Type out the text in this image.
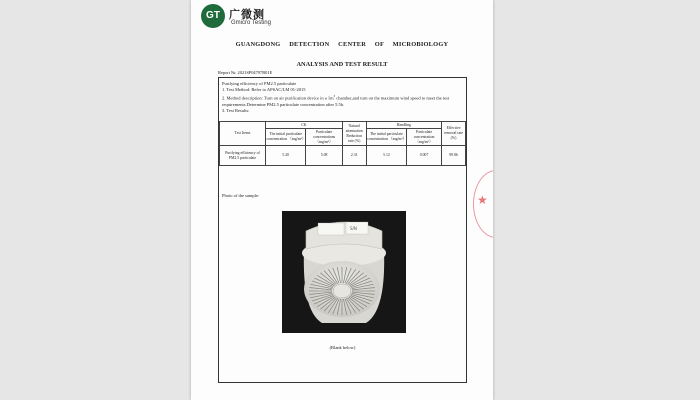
GT 广微测
Gmicro Testing
GUANGDONG DETECTION CENTER OF MICROBIOLOGY
ANALYSIS AND TEST RESULT
Report №: 2021SP04797R01E
Purifying efficiency of PM2.5 particulate
1. Test Method: Refer to APSAC/LM 01-2015
2. Method description: Turn on air purification device in a $1m^3$ chamber,and turn on the maximum wind speed to meet the test requirements.Determine PM2.5 particulate concentration after 5.5h.
3. Test Results:
Test Items	CK		Natural attenuation Reduction rate (%)	Handling		Effective removal rate (%)
	The initial particulate concentration （mg/m³）	Particulate concentrations （mg/m³）		The initial particulate concentration （mg/m³）	Particulate concentration （mg/m³）	
Purifying efficiency of PM2.5 particulate	5.20	5.08	2.31	5.12	0.007	99.86
Photo of the sample:
S/N
(Blank below)
★
